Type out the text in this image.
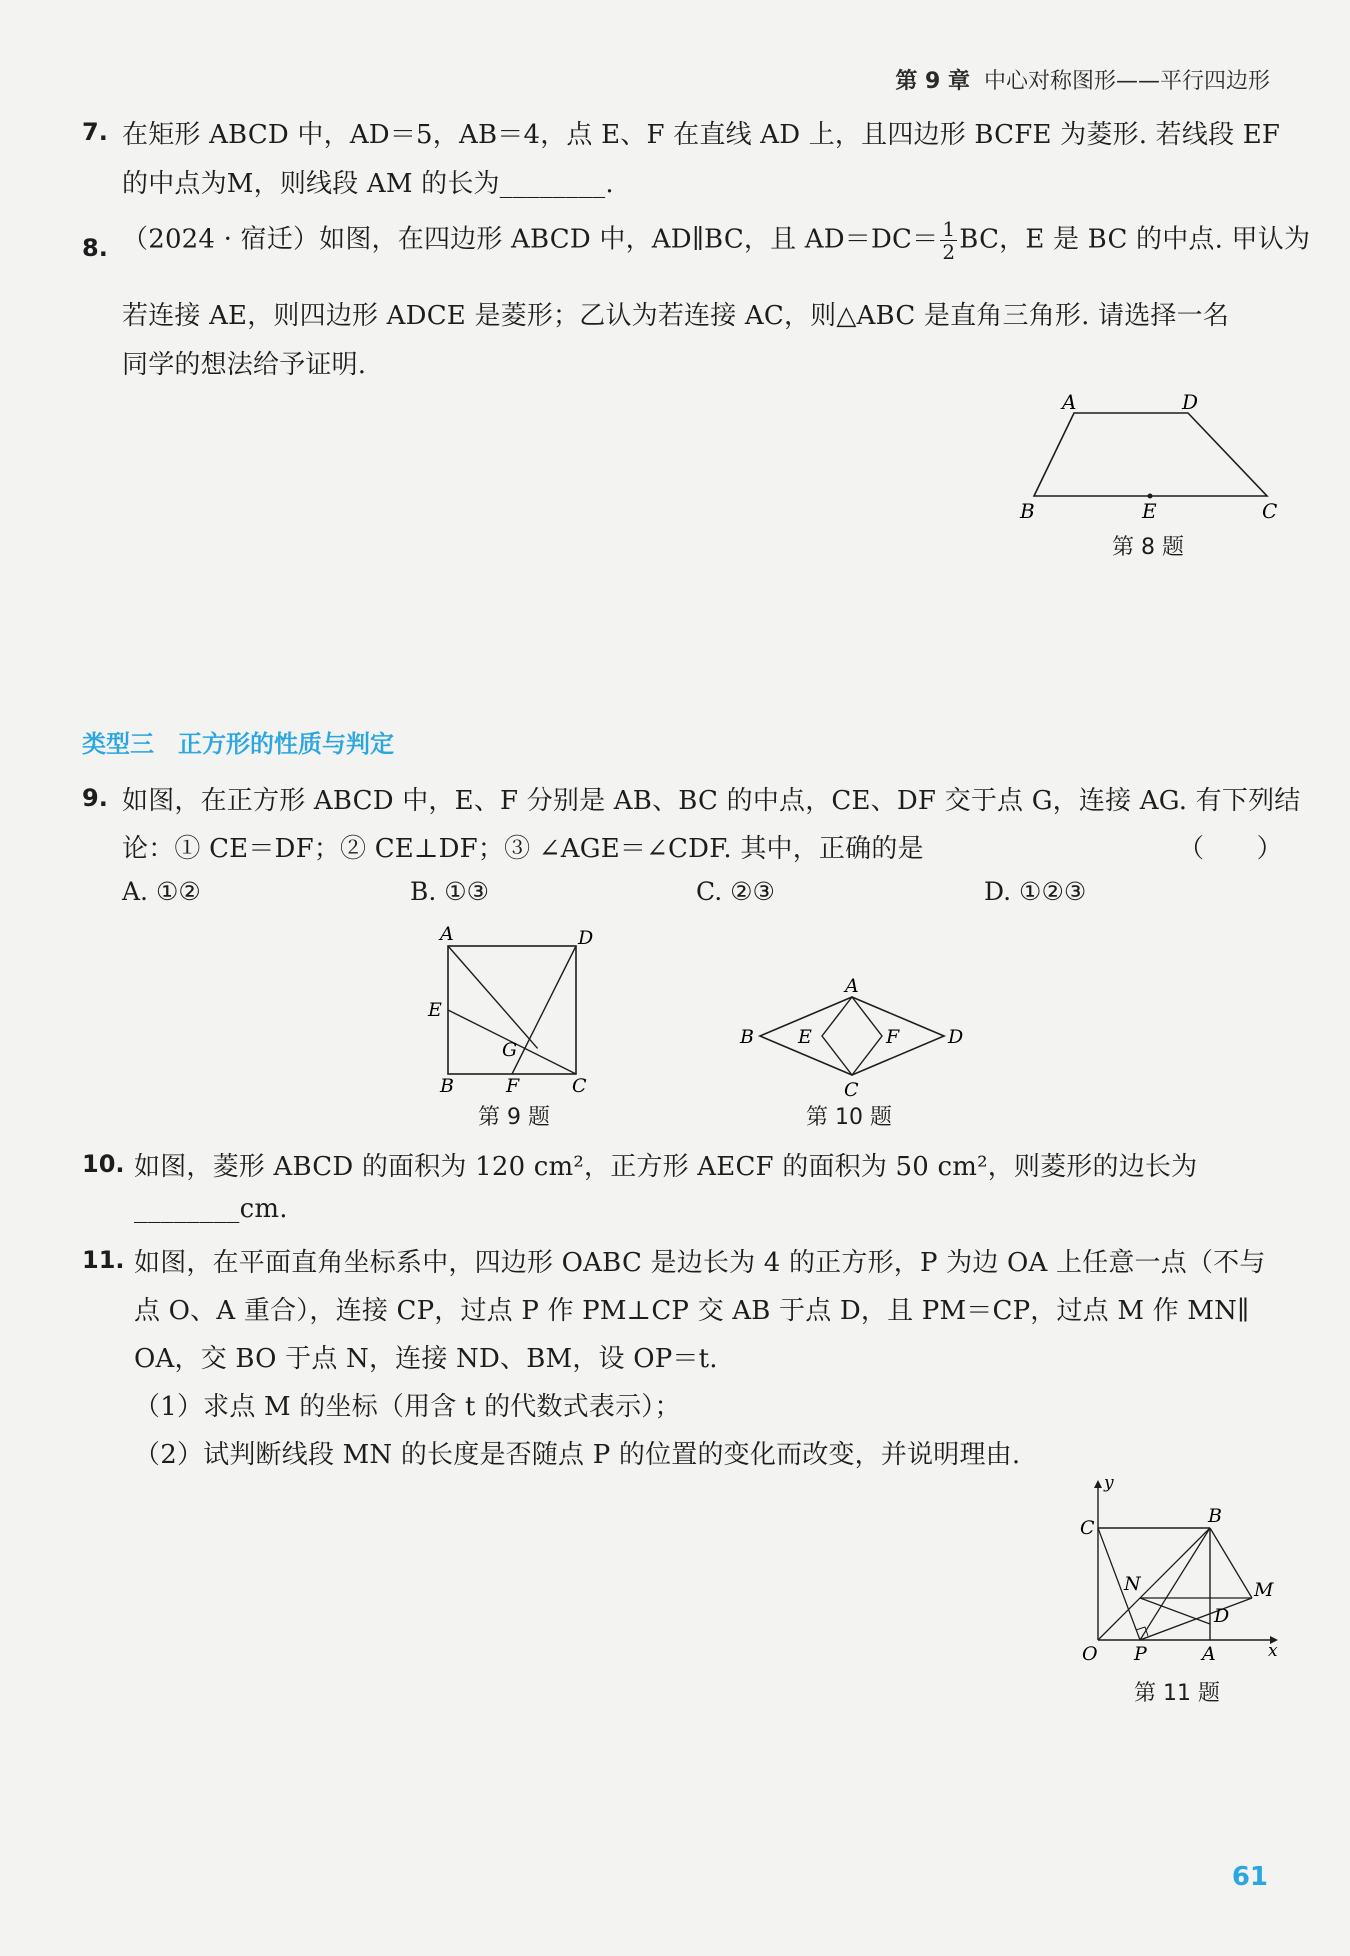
第 9 章 中心对称图形——平行四边形
7. 在矩形 ABCD 中，AD＝5，AB＝4，点 E、F 在直线 AD 上，且四边形 BCFE 为菱形. 若线段 EF
的中点为M，则线段 AM 的长为________.
8. （2024 · 宿迁）如图，在四边形 ABCD 中，AD∥BC，且 $AD=DC= \frac{1}{2}$ BC，E 是 BC 的中点. 甲认为
若连接 AE，则四边形 ADCE 是菱形；乙认为若连接 AC，则△ABC 是直角三角形. 请选择一名
同学的想法给予证明.
A	D
B	E	C
第 8 题
类型三　正方形的性质与判定
9. 如图，在正方形 ABCD 中，E、F 分别是 AB、BC 的中点，CE、DF 交于点 G，连接 AG. 有下列结
论：① CE＝DF；② CE⊥DF；③ ∠AGE＝∠CDF. 其中，正确的是	（　　）
A. ①②	B. ①③	C. ②③	D. ①②③
A	D
E
G
B	F	C
第 9 题
A
B E	F	D
C
第 10 题
10. 如图，菱形 ABCD 的面积为 120 cm²，正方形 AECF 的面积为 50 cm²，则菱形的边长为
________cm.
11. 如图，在平面直角坐标系中，四边形 OABC 是边长为 4 的正方形，P 为边 OA 上任意一点（不与
点 O、A 重合），连接 CP，过点 P 作 PM⊥CP 交 AB 于点 D，且 PM＝CP，过点 M 作 MN∥
OA，交 BO 于点 N，连接 ND、BM，设 OP＝t.
（1）求点 M 的坐标（用含 t 的代数式表示）；
（2）试判断线段 MN 的长度是否随点 P 的位置的变化而改变，并说明理由.
y
C
B
N	M
D
O P	A	x
第 11 题
61
